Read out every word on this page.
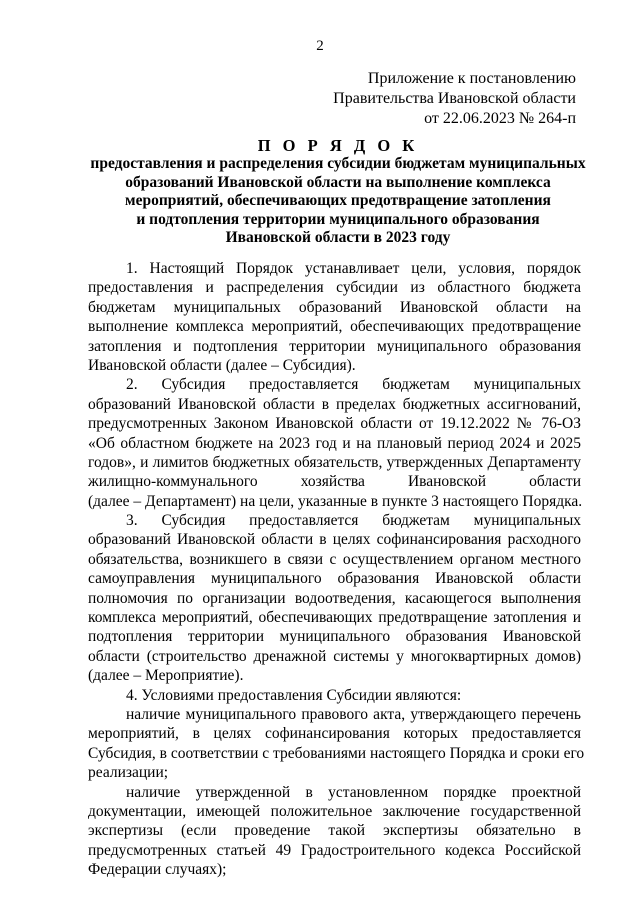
2
Приложение к постановлению
Правительства Ивановской области
от 22.06.2023 № 264-п
П О Р Я Д О К
предоставления и распределения субсидии бюджетам муниципальных
образований Ивановской области на выполнение комплекса
мероприятий, обеспечивающих предотвращение затопления
и подтопления территории муниципального образования
Ивановской области в 2023 году
1. Настоящий Порядок устанавливает цели, условия, порядок
предоставления и распределения субсидии из областного бюджета
бюджетам муниципальных образований Ивановской области на
выполнение комплекса мероприятий, обеспечивающих предотвращение
затопления и подтопления территории муниципального образования
Ивановской области (далее – Субсидия).
2. Субсидия предоставляется бюджетам муниципальных
образований Ивановской области в пределах бюджетных ассигнований,
предусмотренных Законом Ивановской области от 19.12.2022 № 76-ОЗ
«Об областном бюджете на 2023 год и на плановый период 2024 и 2025
годов», и лимитов бюджетных обязательств, утвержденных Департаменту
жилищно-коммунального хозяйства Ивановской области
(далее – Департамент) на цели, указанные в пункте 3 настоящего Порядка.
3. Субсидия предоставляется бюджетам муниципальных
образований Ивановской области в целях софинансирования расходного
обязательства, возникшего в связи с осуществлением органом местного
самоуправления муниципального образования Ивановской области
полномочия по организации водоотведения, касающегося выполнения
комплекса мероприятий, обеспечивающих предотвращение затопления и
подтопления территории муниципального образования Ивановской
области (строительство дренажной системы у многоквартирных домов)
(далее – Мероприятие).
4. Условиями предоставления Субсидии являются:
наличие муниципального правового акта, утверждающего перечень
мероприятий, в целях софинансирования которых предоставляется
Субсидия, в соответствии с требованиями настоящего Порядка и сроки его
реализации;
наличие утвержденной в установленном порядке проектной
документации, имеющей положительное заключение государственной
экспертизы (если проведение такой экспертизы обязательно в
предусмотренных статьей 49 Градостроительного кодекса Российской
Федерации случаях);
